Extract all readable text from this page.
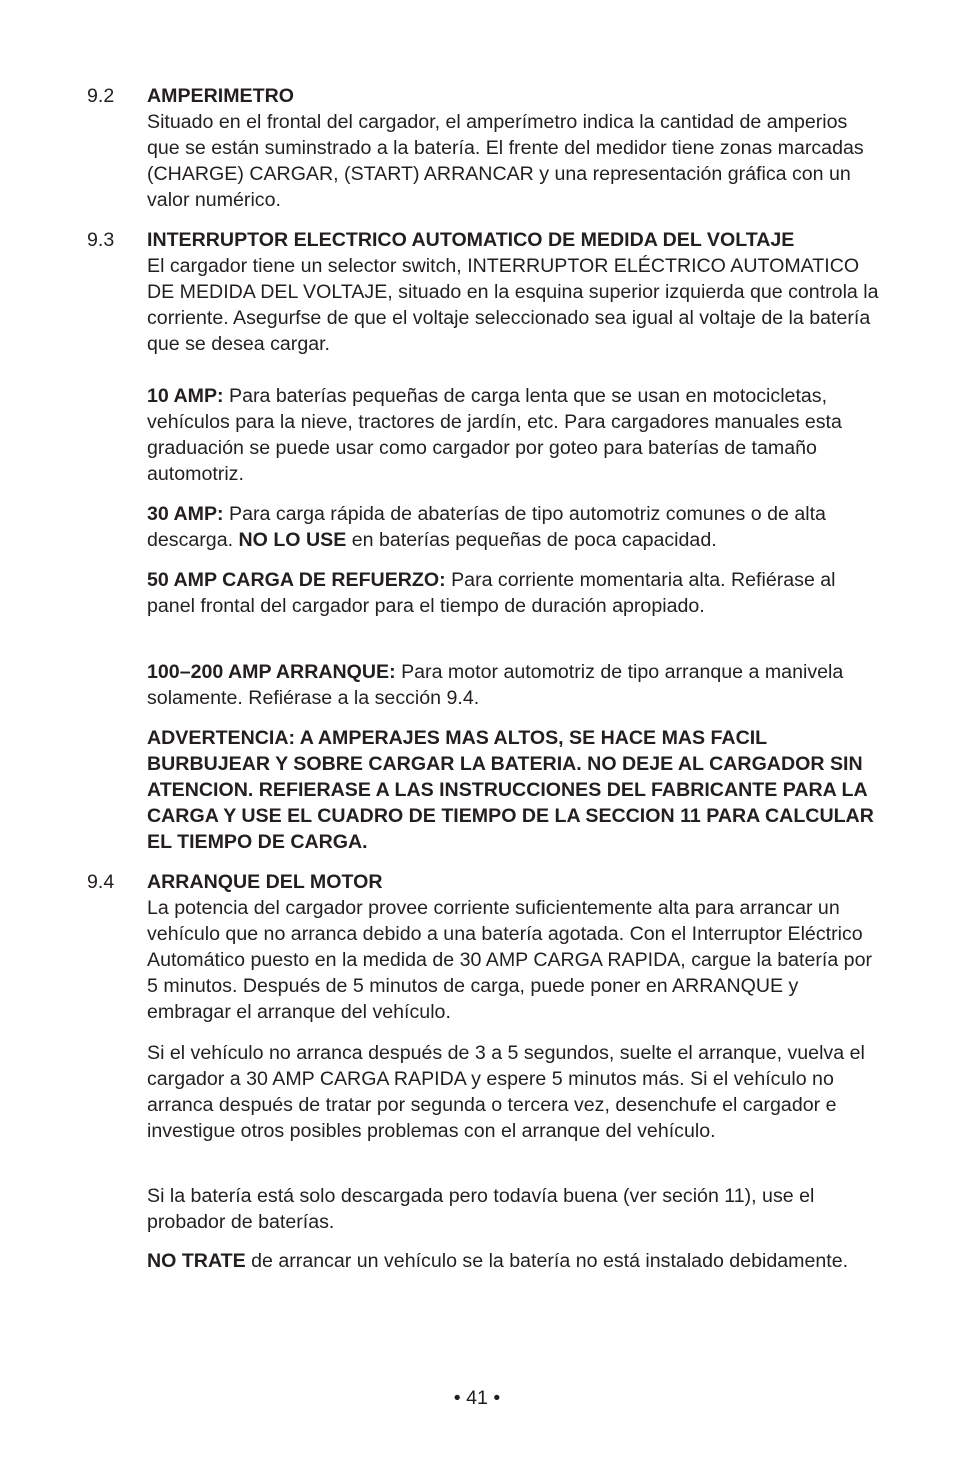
9.2 AMPERIMETRO

Situado en el frontal del cargador, el amperímetro indica la cantidad de amperios que se están suminstrado a la batería. El frente del medidor tiene zonas marcadas (CHARGE) CARGAR, (START) ARRANCAR y una representación gráfica con un valor numérico.

9.3 INTERRUPTOR ELECTRICO AUTOMATICO DE MEDIDA DEL VOLTAJE

El cargador tiene un selector switch, INTERRUPTOR ELÉCTRICO AUTOMATICO DE MEDIDA DEL VOLTAJE, situado en la esquina superior izquierda que controla la corriente. Asegurfse de que el voltaje seleccionado sea igual al voltaje de la batería que se desea cargar.

10 AMP: Para baterías pequeñas de carga lenta que se usan en motocicletas, vehículos para la nieve, tractores de jardín, etc. Para cargadores manuales esta graduación se puede usar como cargador por goteo para baterías de tamaño automotriz.

30 AMP: Para carga rápida de abaterías de tipo automotriz comunes o de alta descarga. NO LO USE en baterías pequeñas de poca capacidad.

50 AMP CARGA DE REFUERZO: Para corriente momentaria alta. Refiérase al panel frontal del cargador para el tiempo de duración apropiado.

100–200 AMP ARRANQUE: Para motor automotriz de tipo arranque a manivela solamente. Refiérase a la sección 9.4.

ADVERTENCIA: A AMPERAJES MAS ALTOS, SE HACE MAS FACIL BURBUJEAR Y SOBRE CARGAR LA BATERIA. NO DEJE AL CARGADOR SIN ATENCION. REFIERASE A LAS INSTRUCCIONES DEL FABRICANTE PARA LA CARGA Y USE EL CUADRO DE TIEMPO DE LA SECCION 11 PARA CALCULAR EL TIEMPO DE CARGA.

9.4 ARRANQUE DEL MOTOR

La potencia del cargador provee corriente suficientemente alta para arrancar un vehículo que no arranca debido a una batería agotada. Con el Interruptor Eléctrico Automático puesto en la medida de 30 AMP CARGA RAPIDA, cargue la batería por 5 minutos. Después de 5 minutos de carga, puede poner en ARRANQUE y embragar el arranque del vehículo.

Si el vehículo no arranca después de 3 a 5 segundos, suelte el arranque, vuelva el cargador a 30 AMP CARGA RAPIDA y espere 5 minutos más. Si el vehículo no arranca después de tratar por segunda o tercera vez, desenchufe el cargador e investigue otros posibles problemas con el arranque del vehículo.

Si la batería está solo descargada pero todavía buena (ver seción 11), use el probador de baterías.

NO TRATE de arrancar un vehículo se la batería no está instalado debidamente.

• 41 •
